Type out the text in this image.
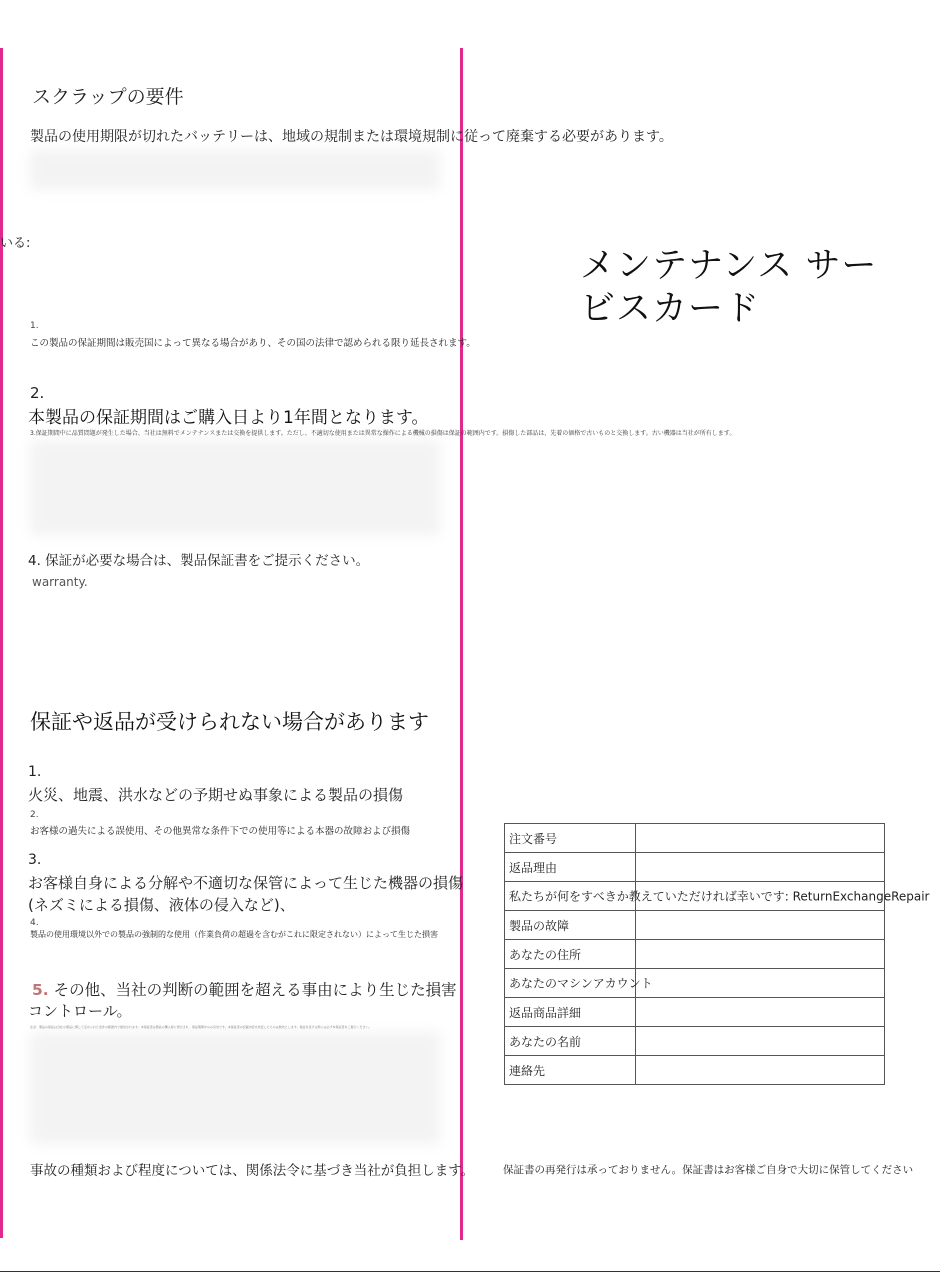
スクラップの要件
製品の使用期限が切れたバッテリーは、地域の規制または環境規制に従って廃棄する必要があります。
いる:
メンテナンス サービスカード
1.
この製品の保証期間は販売国によって異なる場合があり、その国の法律で認められる限り延長されます。
2.
本製品の保証期間はご購入日より1年間となります。
3.保証期間中に品質問題が発生した場合、当社は無料でメンテナンスまたは交換を提供します。ただし、不適切な使用または異常な操作による機械の損傷は保証の範囲内です。損傷した部品は、先着の価格で古いものと交換します。古い機器は当社が所有します。
4. 保証が必要な場合は、製品保証書をご提示ください。
warranty.
保証や返品が受けられない場合があります
1.
火災、地震、洪水などの予期せぬ事象による製品の損傷
2.
お客様の過失による誤使用、その他異常な条件下での使用等による本器の故障および損傷
3.
お客様自身による分解や不適切な保管によって生じた機器の損傷
(ネズミによる損傷、液体の侵入など)、
4.
製品の使用環境以外での製品の強制的な使用（作業負荷の超過を含むがこれに限定されない）によって生じた損害
5. その他、当社の判断の範囲を超える事由により生じた損害
コントロール。
注意：製品の保証は当社の製品に関して定められた条件の範囲内で提供されます。本保証書は製品の購入時に発行され、保証期間中のみ有効です。本保証書の記載内容を改変したものは無効とします。保証を受ける際には必ず本保証書をご提示ください。
事故の種類および程度については、関係法令に基づき当社が負担します。	保証書の再発行は承っておりません。保証書はお客様ご自身で大切に保管してください
注文番号	
返品理由	

私たちが何をすべきか教えていただければ幸いです: ReturnExchangeRepair	

製品の故障	
あなたの住所	

あなたのマシンアカウント	

返品商品詳細	
あなたの名前	
連絡先	
